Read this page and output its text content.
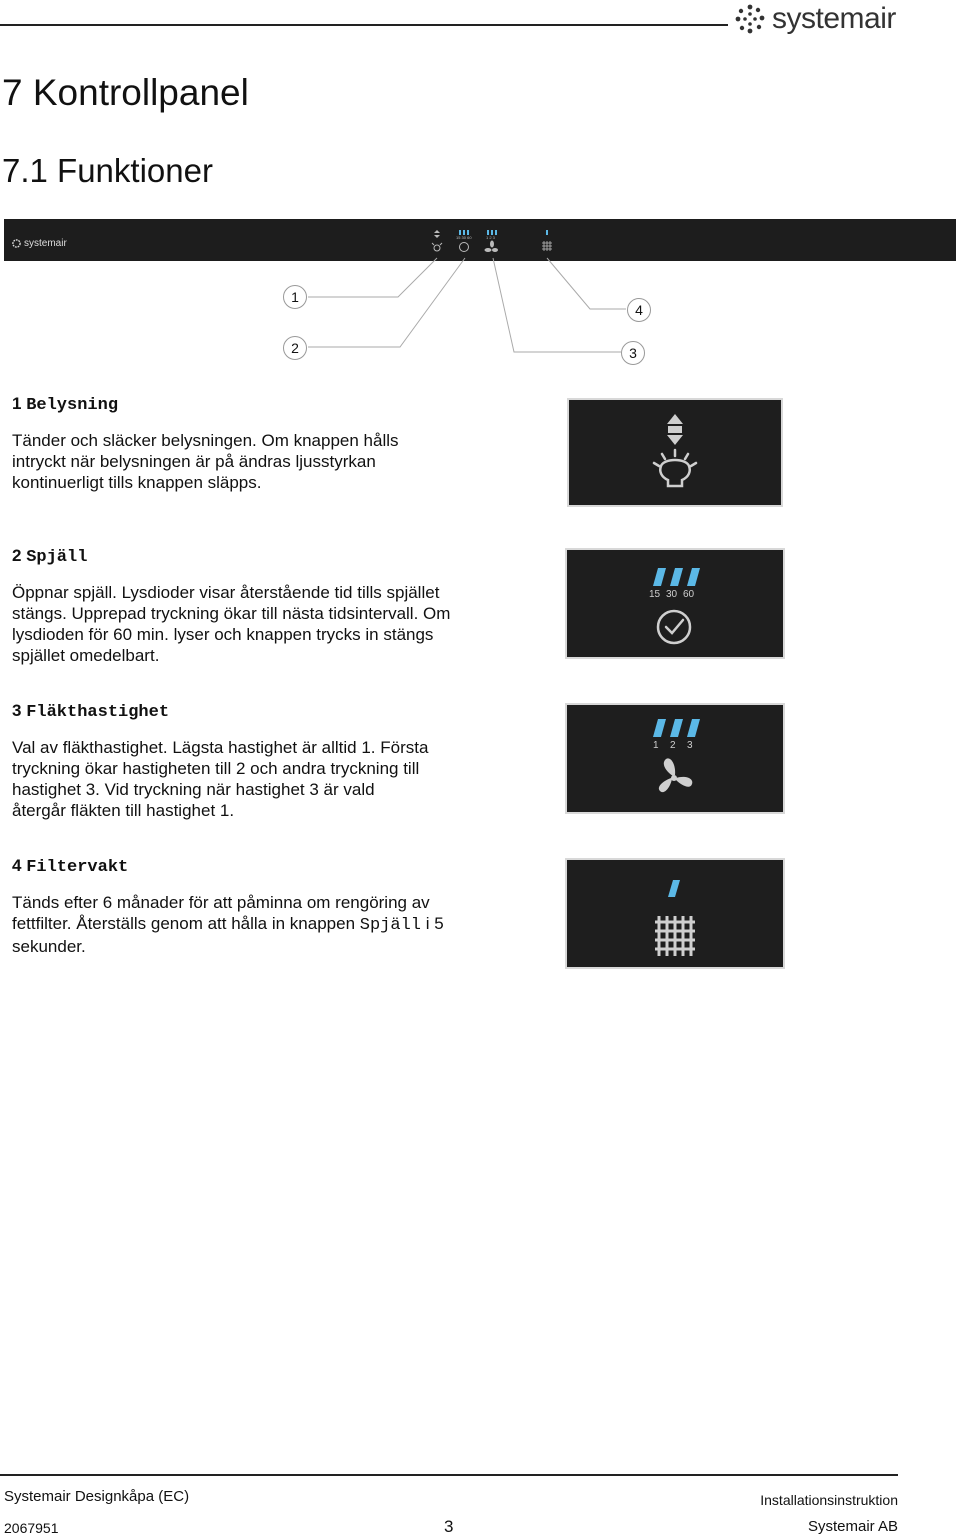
systemair
7 Kontrollpanel
7.1 Funktioner
systemair
15 30 60	1 2 3
1
2	3
4
1 Belysning
Tänder och släcker belysningen. Om knappen hålls intryckt när belysningen är på ändras ljusstyrkan kontinuerligt tills knappen släpps.
2 Spjäll
Öppnar spjäll. Lysdioder visar återstående tid tills spjället stängs. Upprepad tryckning ökar till nästa tidsintervall. Om lysdioden för 60 min. lyser och knappen trycks in stängs spjället omedelbart.
15 30 60
3 Fläkthastighet
Val av fläkthastighet. Lägsta hastighet är alltid 1. Första tryckning ökar hastigheten till 2 och andra tryckning till hastighet 3. Vid tryckning när hastighet 3 är vald återgår fläkten till hastighet 1.
1 2 3
4 Filtervakt
Tänds efter 6 månader för att påminna om rengöring av fettfilter. Återställs genom att hålla in knappen Spjäll i 5 sekunder.
Systemair Designkåpa (EC)	Installationsinstruktion
2067951	3	Systemair AB
